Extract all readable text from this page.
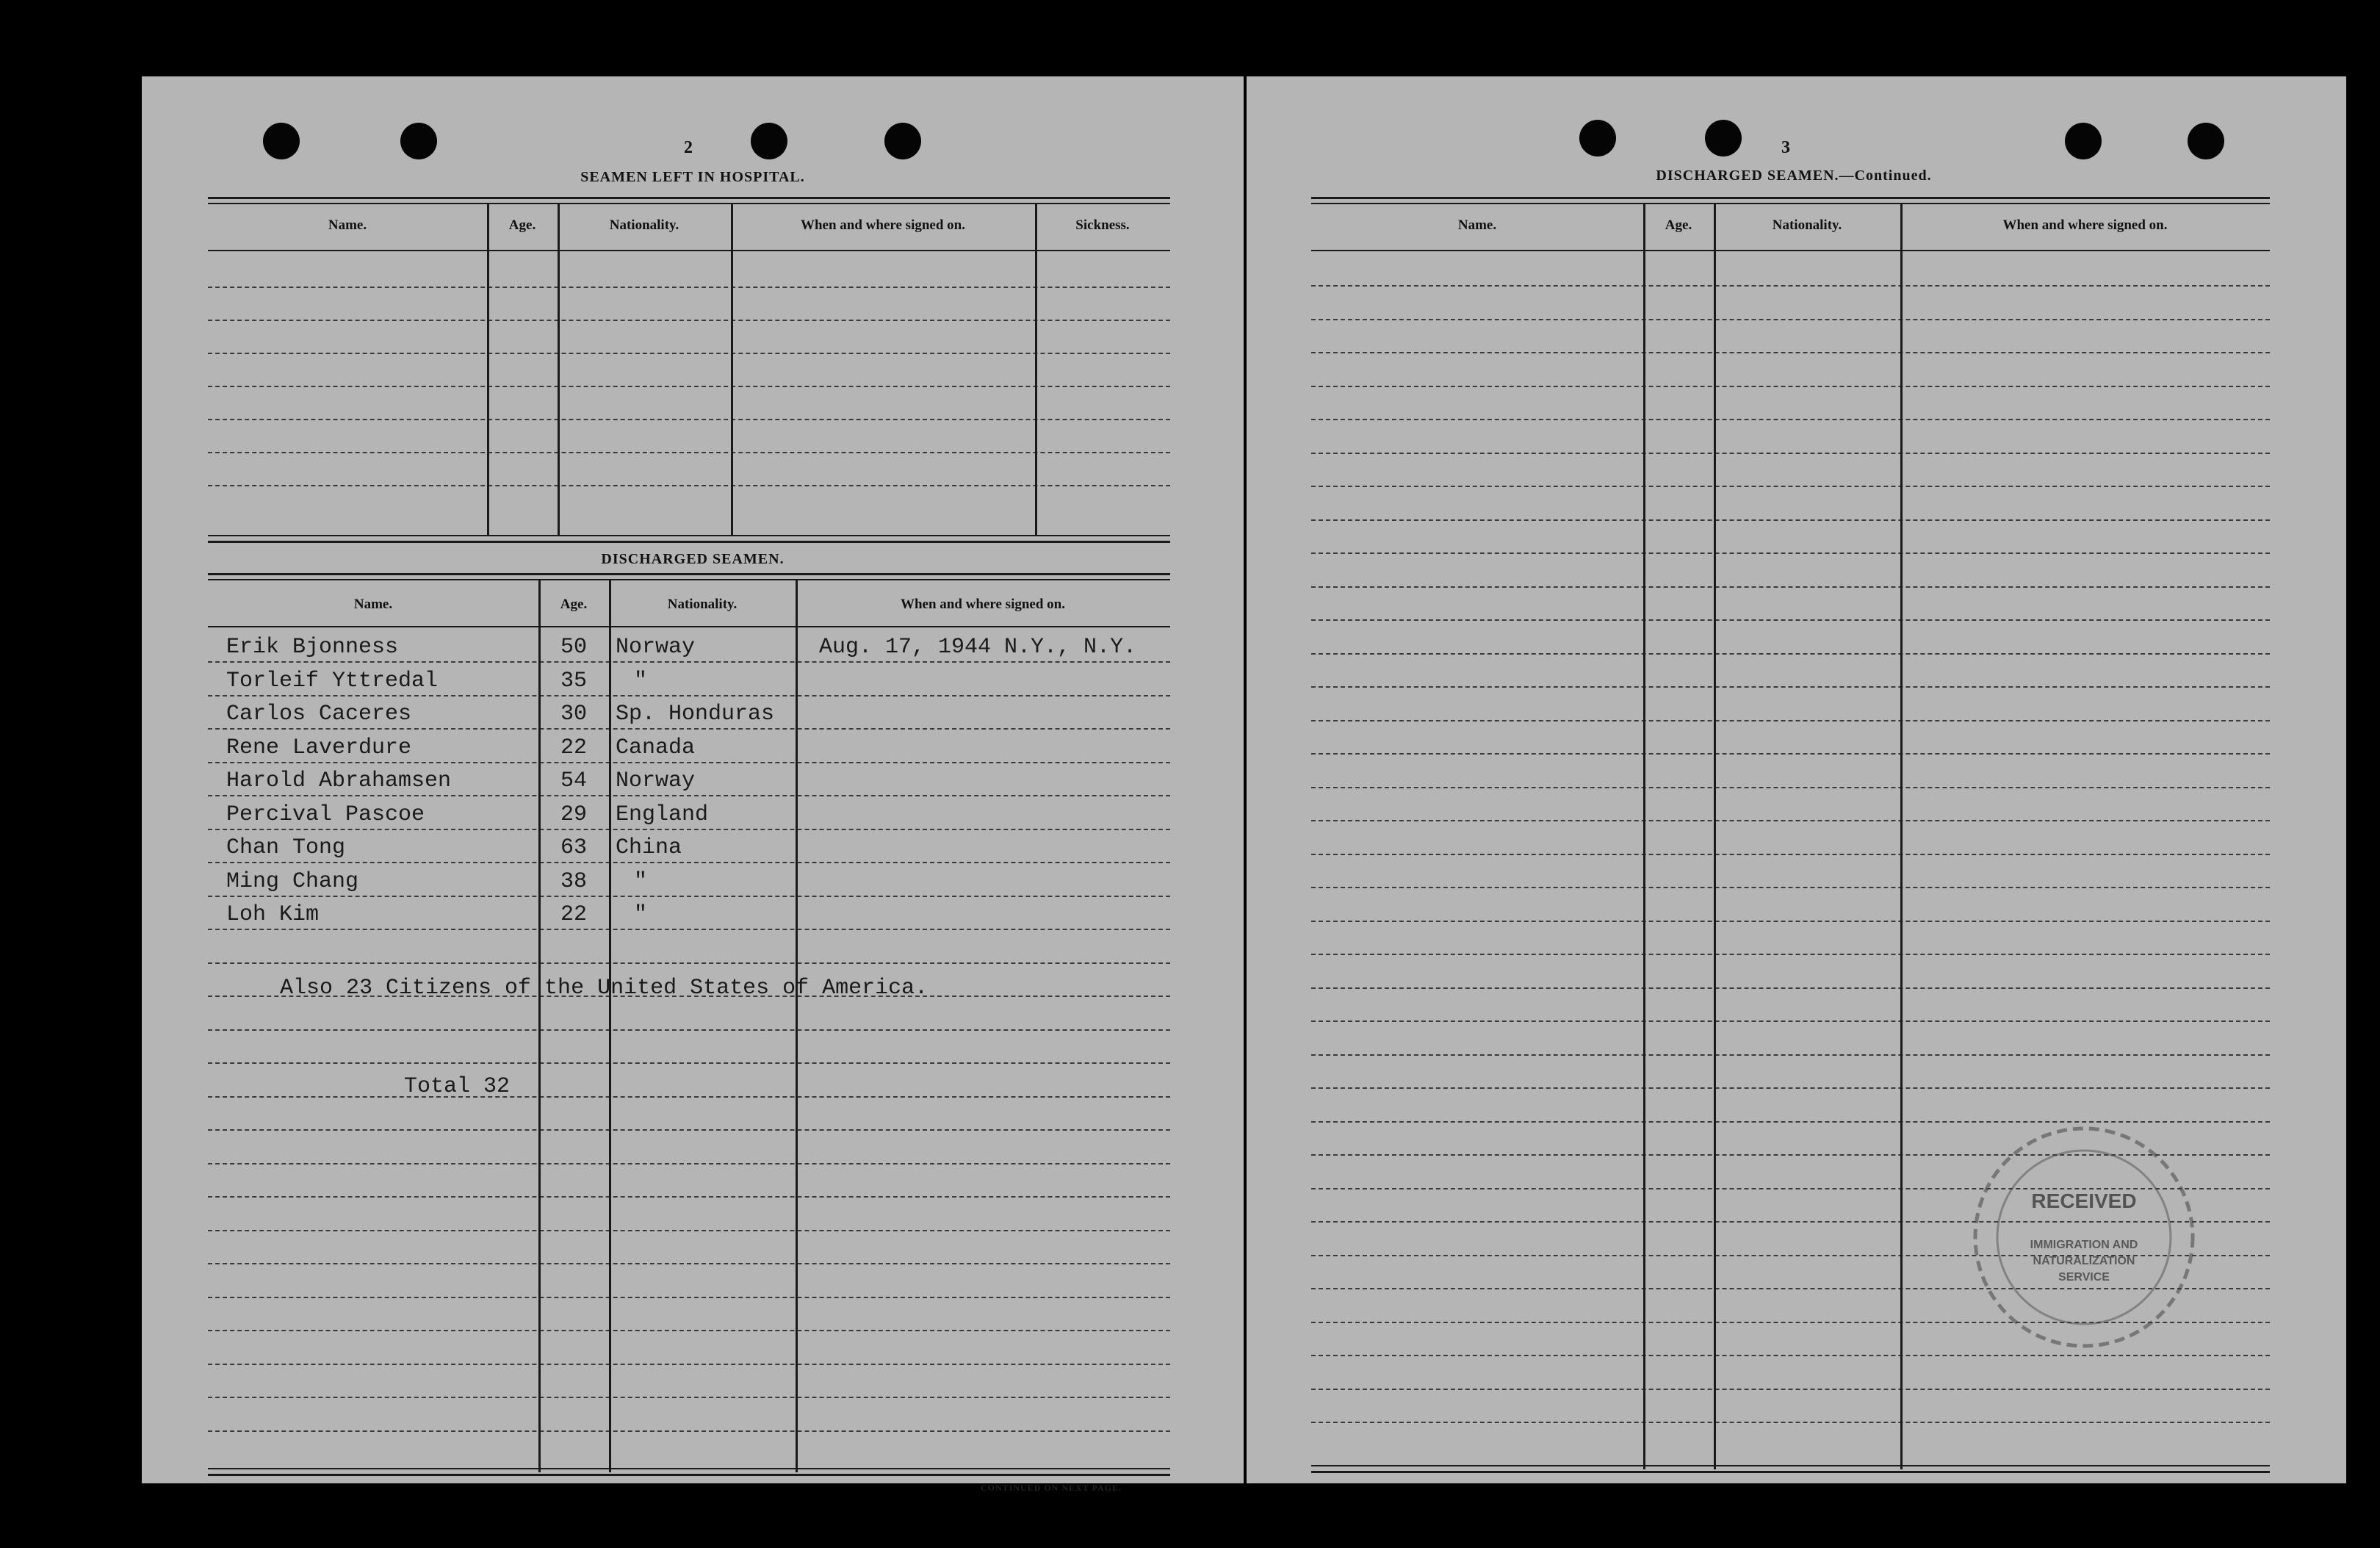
2
SEAMEN LEFT IN HOSPITAL.
Name.	Age.	Nationality.	When and where signed on.	Sickness.
DISCHARGED SEAMEN.
Name.	Age.	Nationality.	When and where signed on.
Erik Bjonness	50 Norway	Aug. 17, 1944 N.Y., N.Y.
Torleif Yttredal	35 "
Carlos Caceres	30 Sp. Honduras
Rene Laverdure	22 Canada
Harold Abrahamsen	54 Norway
Percival Pascoe	29 England
Chan Tong	63 China
Ming Chang	38 "
Loh Kim	22 "
Also 23 Citizens of the United States of America.
Total 32
CONTINUED ON NEXT PAGE.
3
DISCHARGED SEAMEN.—Continued.
Name.	Age.	Nationality.	When and where signed on.
RECEIVED
IMMIGRATION AND
NATURALIZATION
SERVICE
